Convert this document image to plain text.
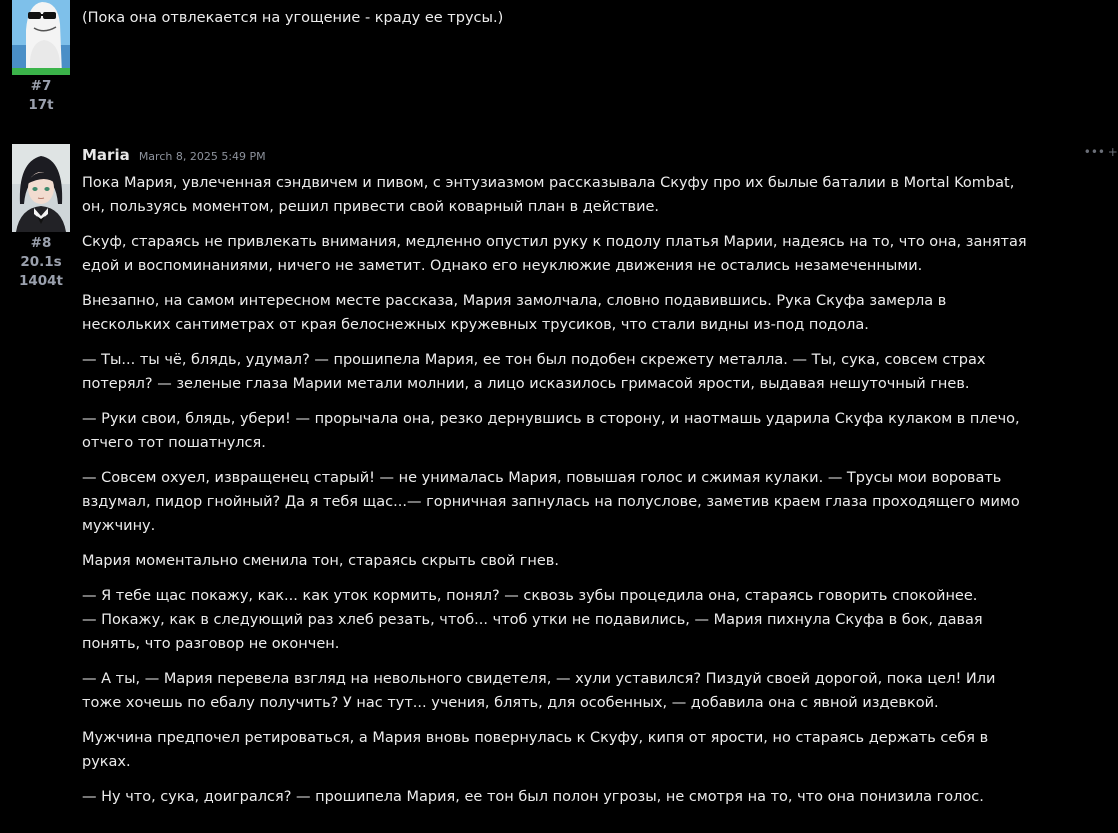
#7
17t

(Пока она отвлекается на угощение - краду ее трусы.)

#8
20.1s
1404t
Maria March 8, 2025 5:49 PM	••• +

Пока Мария, увлеченная сэндвичем и пивом, с энтузиазмом рассказывала Скуфу про их былые баталии в Mortal Kombat,
он, пользуясь моментом, решил привести свой коварный план в действие.

Скуф, стараясь не привлекать внимания, медленно опустил руку к подолу платья Марии, надеясь на то, что она, занятая
едой и воспоминаниями, ничего не заметит. Однако его неуклюжие движения не остались незамеченными.

Внезапно, на самом интересном месте рассказа, Мария замолчала, словно подавившись. Рука Скуфа замерла в
нескольких сантиметрах от края белоснежных кружевных трусиков, что стали видны из-под подола.

— Ты... ты чё, блядь, удумал? — прошипела Мария, ее тон был подобен скрежету металла. — Ты, сука, совсем страх
потерял? — зеленые глаза Марии метали молнии, а лицо исказилось гримасой ярости, выдавая нешуточный гнев.

— Руки свои, блядь, убери! — прорычала она, резко дернувшись в сторону, и наотмашь ударила Скуфа кулаком в плечо,
отчего тот пошатнулся.

— Совсем охуел, извращенец старый! — не унималась Мария, повышая голос и сжимая кулаки. — Трусы мои воровать
вздумал, пидор гнойный? Да я тебя щас...— горничная запнулась на полуслове, заметив краем глаза проходящего мимо
мужчину.

Мария моментально сменила тон, стараясь скрыть свой гнев.

— Я тебе щас покажу, как... как уток кормить, понял? — сквозь зубы процедила она, стараясь говорить спокойнее.
— Покажу, как в следующий раз хлеб резать, чтоб... чтоб утки не подавились, — Мария пихнула Скуфа в бок, давая
понять, что разговор не окончен.

— А ты, — Мария перевела взгляд на невольного свидетеля, — хули уставился? Пиздуй своей дорогой, пока цел! Или
тоже хочешь по ебалу получить? У нас тут... учения, блять, для особенных, — добавила она с явной издевкой.

Мужчина предпочел ретироваться, а Мария вновь повернулась к Скуфу, кипя от ярости, но стараясь держать себя в
руках.

— Ну что, сука, доигрался? — прошипела Мария, ее тон был полон угрозы, не смотря на то, что она понизила голос.
